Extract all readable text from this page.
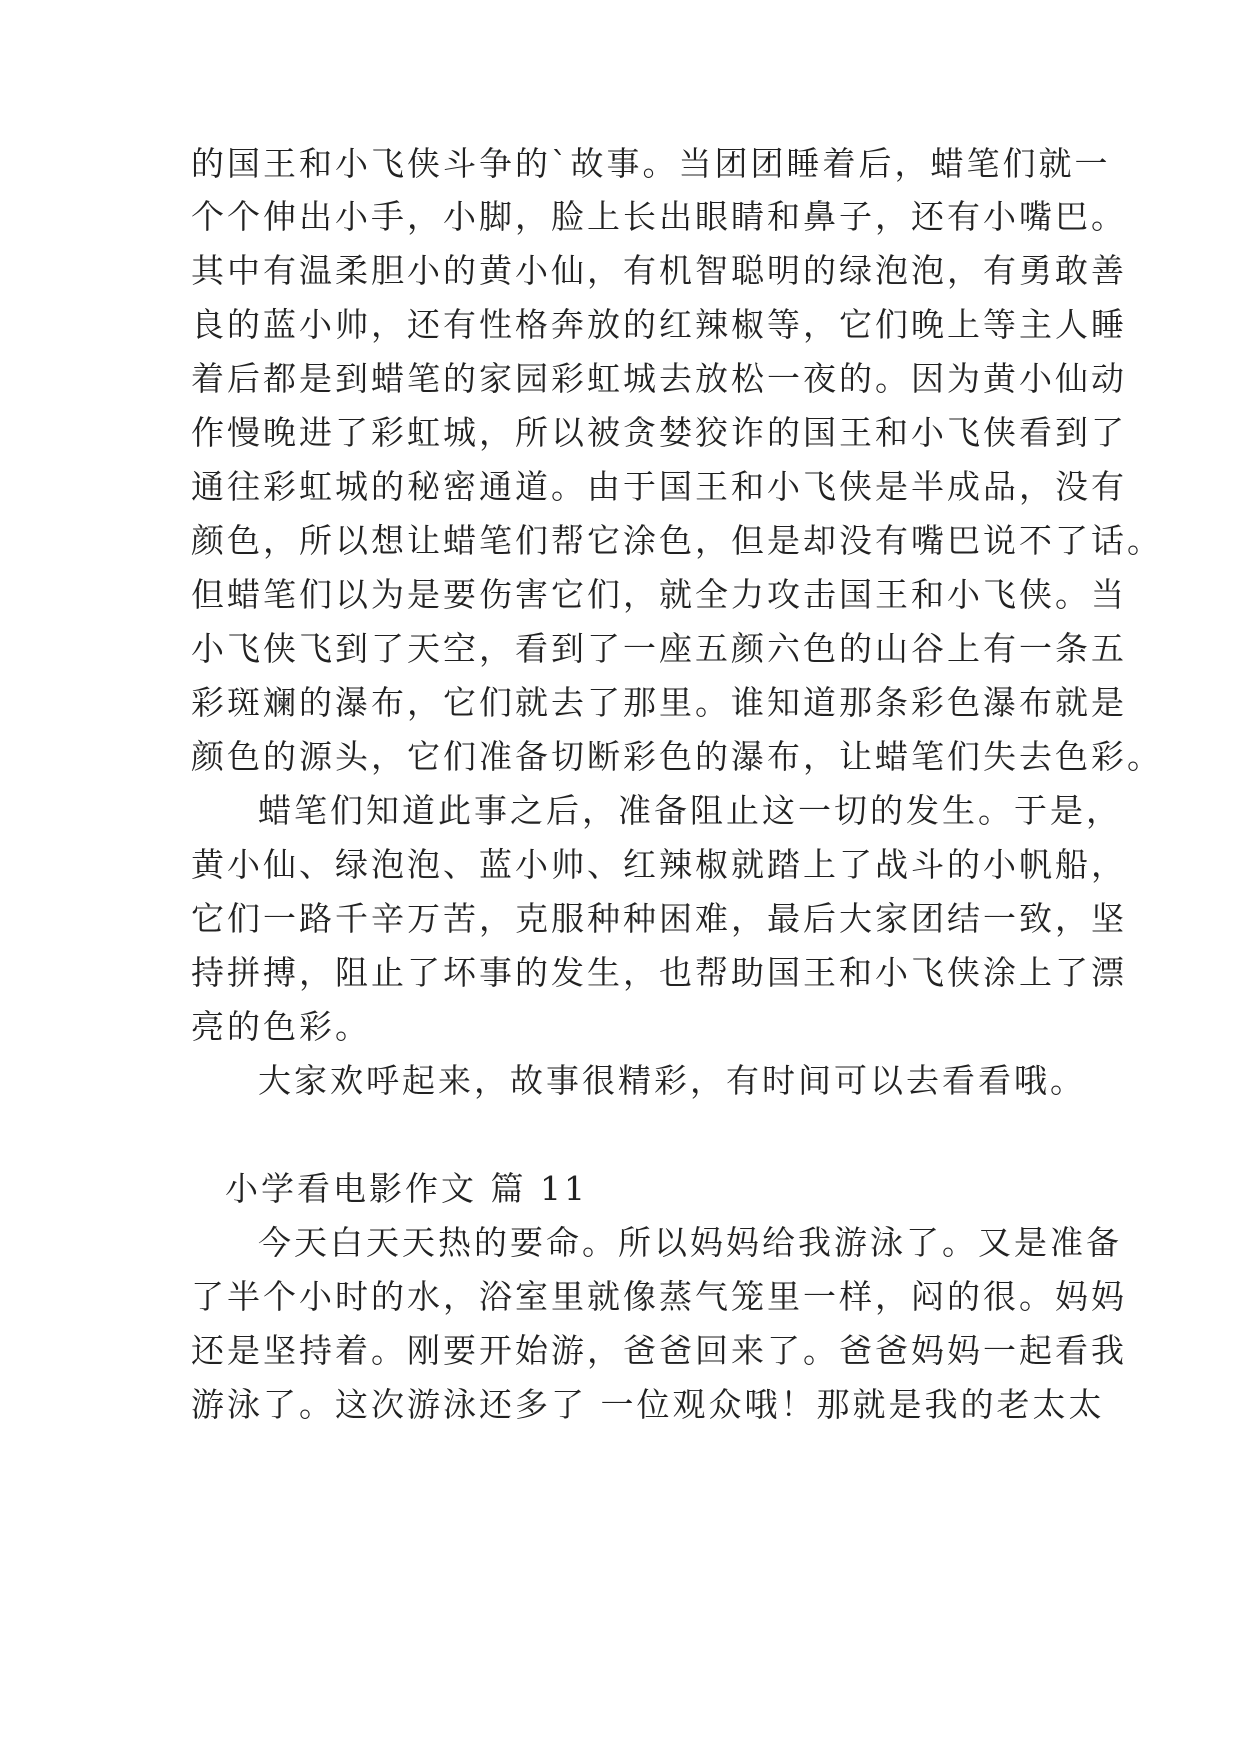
的国王和小飞侠斗争的`故事。当团团睡着后，蜡笔们就一
个个伸出小手，小脚，脸上长出眼睛和鼻子，还有小嘴巴。
其中有温柔胆小的黄小仙，有机智聪明的绿泡泡，有勇敢善
良的蓝小帅，还有性格奔放的红辣椒等，它们晚上等主人睡
着后都是到蜡笔的家园彩虹城去放松一夜的。因为黄小仙动
作慢晚进了彩虹城，所以被贪婪狡诈的国王和小飞侠看到了
通往彩虹城的秘密通道。由于国王和小飞侠是半成品，没有
颜色，所以想让蜡笔们帮它涂色，但是却没有嘴巴说不了话。
但蜡笔们以为是要伤害它们，就全力攻击国王和小飞侠。当
小飞侠飞到了天空，看到了一座五颜六色的山谷上有一条五
彩斑斓的瀑布，它们就去了那里。谁知道那条彩色瀑布就是
颜色的源头，它们准备切断彩色的瀑布，让蜡笔们失去色彩。
蜡笔们知道此事之后，准备阻止这一切的发生。于是，
黄小仙、绿泡泡、蓝小帅、红辣椒就踏上了战斗的小帆船，
它们一路千辛万苦，克服种种困难，最后大家团结一致，坚
持拼搏，阻止了坏事的发生，也帮助国王和小飞侠涂上了漂
亮的色彩。
大家欢呼起来，故事很精彩，有时间可以去看看哦。
小学看电影作文 篇 11
今天白天天热的要命。所以妈妈给我游泳了。又是准备
了半个小时的水，浴室里就像蒸气笼里一样，闷的很。妈妈
还是坚持着。刚要开始游，爸爸回来了。爸爸妈妈一起看我
游泳了。这次游泳还多了 一位观众哦！那就是我的老太太
